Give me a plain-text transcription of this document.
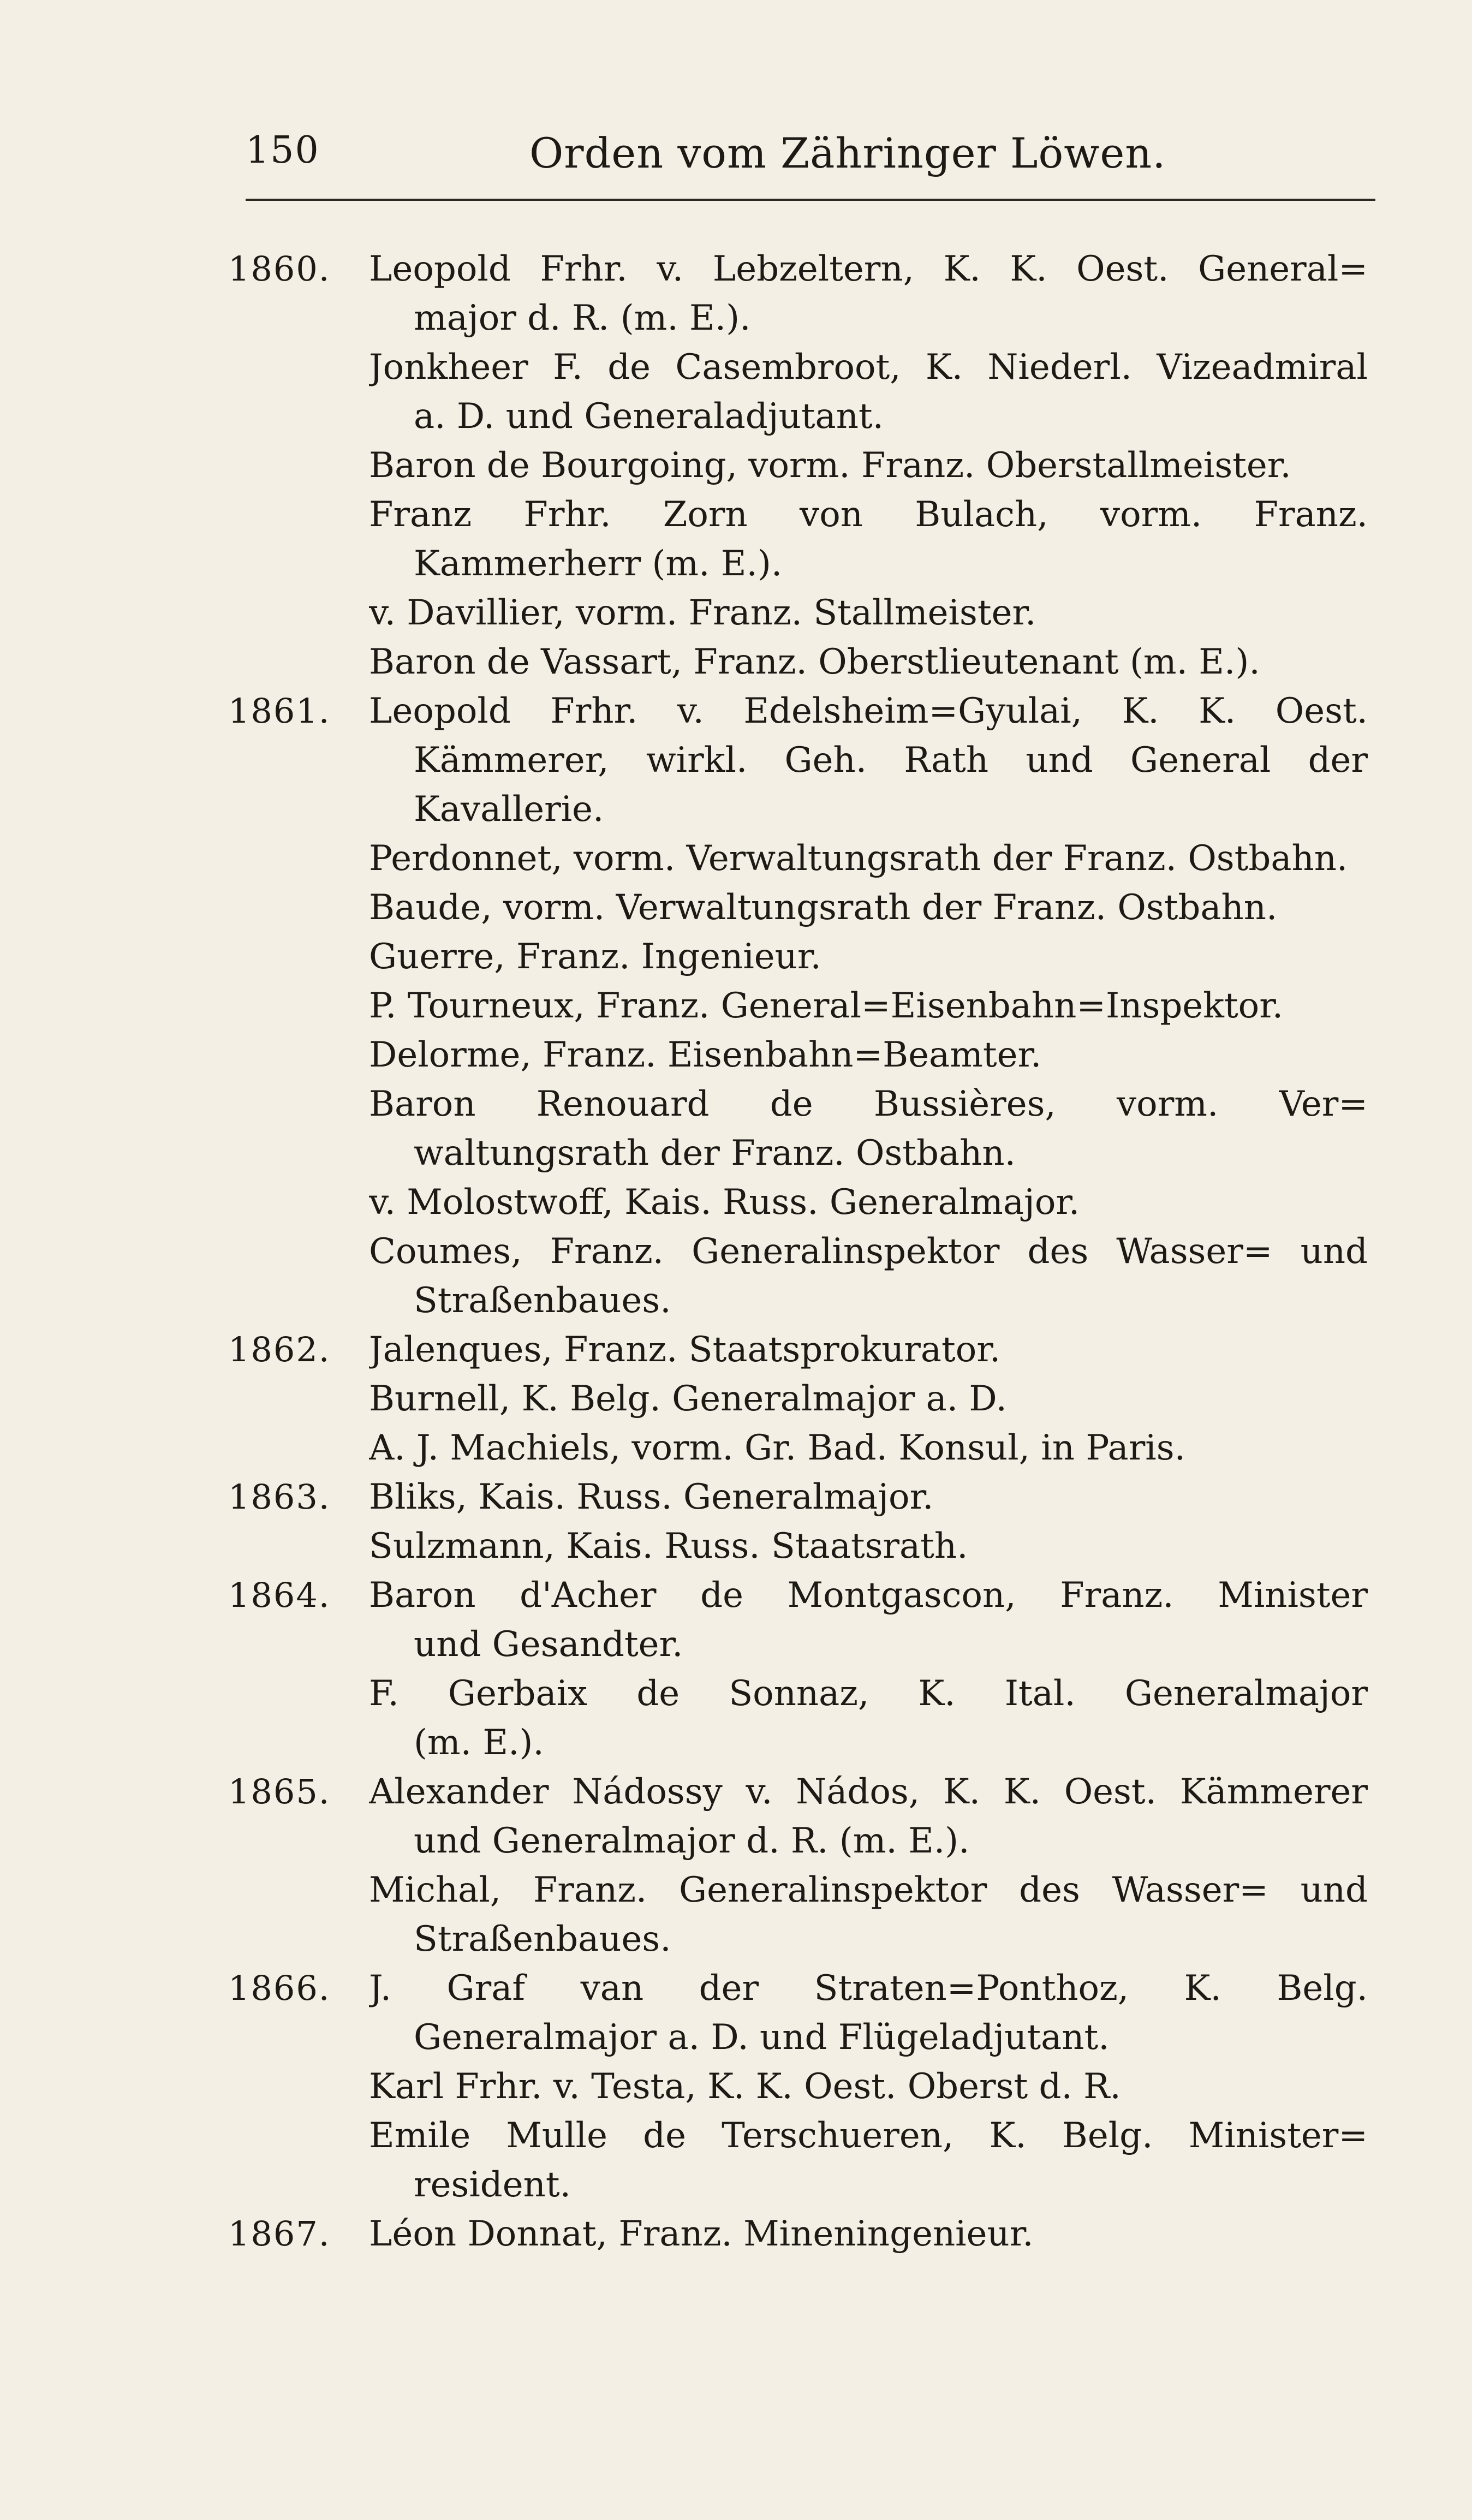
150	Orden vom Zähringer Löwen.
1860.	Leopold Frhr. v. Lebzeltern, K. K. Oest. General=
major d. R. (m. E.).
Jonkheer F. de Casembroot, K. Niederl. Vizeadmiral
a. D. und Generaladjutant.
Baron de Bourgoing, vorm. Franz. Oberstallmeister.
Franz Frhr. Zorn von Bulach, vorm. Franz.
Kammerherr (m. E.).
v. Davillier, vorm. Franz. Stallmeister.
Baron de Vassart, Franz. Oberstlieutenant (m. E.).
1861.	Leopold Frhr. v. Edelsheim=Gyulai, K. K. Oest.
Kämmerer, wirkl. Geh. Rath und General der
Kavallerie.
Perdonnet, vorm. Verwaltungsrath der Franz. Ostbahn.
Baude, vorm. Verwaltungsrath der Franz. Ostbahn.
Guerre, Franz. Ingenieur.
P. Tourneux, Franz. General=Eisenbahn=Inspektor.
Delorme, Franz. Eisenbahn=Beamter.
Baron Renouard de Bussières, vorm. Ver=
waltungsrath der Franz. Ostbahn.
v. Molostwoff, Kais. Russ. Generalmajor.
Coumes, Franz. Generalinspektor des Wasser= und
Straßenbaues.
1862.	Jalenques, Franz. Staatsprokurator.
Burnell, K. Belg. Generalmajor a. D.
A. J. Machiels, vorm. Gr. Bad. Konsul, in Paris.
1863.	Bliks, Kais. Russ. Generalmajor.
Sulzmann, Kais. Russ. Staatsrath.
1864.	Baron d'Acher de Montgascon, Franz. Minister
und Gesandter.
F. Gerbaix de Sonnaz, K. Ital. Generalmajor
(m. E.).
1865.	Alexander Nádossy v. Nádos, K. K. Oest. Kämmerer
und Generalmajor d. R. (m. E.).
Michal, Franz. Generalinspektor des Wasser= und
Straßenbaues.
1866.	J. Graf van der Straten=Ponthoz, K. Belg.
Generalmajor a. D. und Flügeladjutant.
Karl Frhr. v. Testa, K. K. Oest. Oberst d. R.
Emile Mulle de Terschueren, K. Belg. Minister=
resident.
1867.	Léon Donnat, Franz. Mineningenieur.
